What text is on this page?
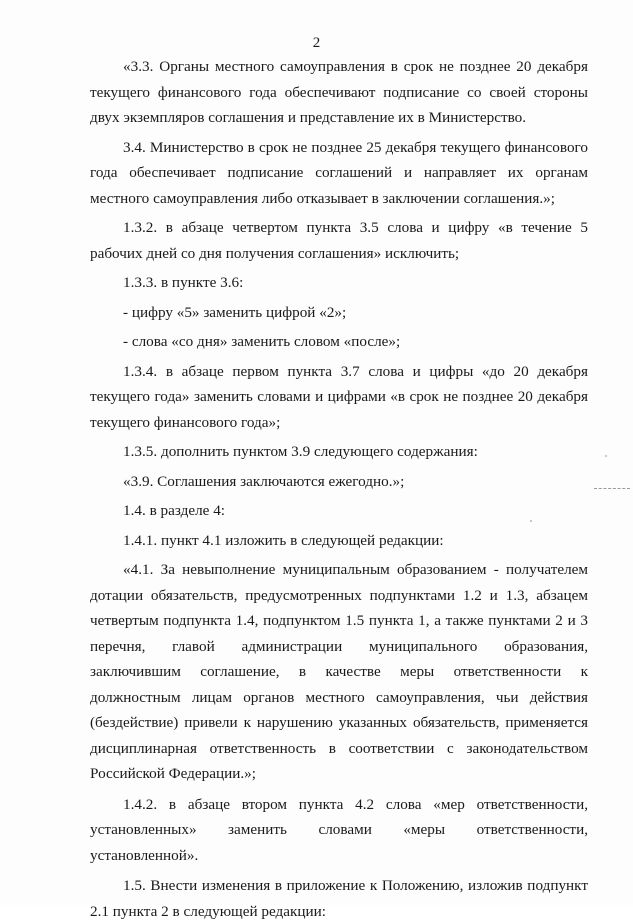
2

«3.3. Органы местного самоуправления в срок не позднее 20 декабря текущего финансового года обеспечивают подписание со своей стороны двух экземпляров соглашения и представление их в Министерство.

3.4. Министерство в срок не позднее 25 декабря текущего финансового года обеспечивает подписание соглашений и направляет их органам местного самоуправления либо отказывает в заключении соглашения.»;

1.3.2. в абзаце четвертом пункта 3.5 слова и цифру «в течение 5 рабочих дней со дня получения соглашения» исключить;

1.3.3. в пункте 3.6:

- цифру «5» заменить цифрой «2»;

- слова «со дня» заменить словом «после»;

1.3.4. в абзаце первом пункта 3.7 слова и цифры «до 20 декабря текущего года» заменить словами и цифрами «в срок не позднее 20 декабря текущего финансового года»;

1.3.5. дополнить пунктом 3.9 следующего содержания:

«3.9. Соглашения заключаются ежегодно.»;

1.4. в разделе 4:

1.4.1. пункт 4.1 изложить в следующей редакции:

«4.1. За невыполнение муниципальным образованием - получателем дотации обязательств, предусмотренных подпунктами 1.2 и 1.3, абзацем четвертым подпункта 1.4, подпунктом 1.5 пункта 1, а также пунктами 2 и 3 перечня, главой администрации муниципального образования, заключившим соглашение, в качестве меры ответственности к должностным лицам органов местного самоуправления, чьи действия (бездействие) привели к нарушению указанных обязательств, применяется дисциплинарная ответственность в соответствии с законодательством Российской Федерации.»;

1.4.2. в абзаце втором пункта 4.2 слова «мер ответственности, установленных» заменить словами «меры ответственности, установленной».

1.5. Внести изменения в приложение к Положению, изложив подпункт 2.1 пункта 2 в следующей редакции:
